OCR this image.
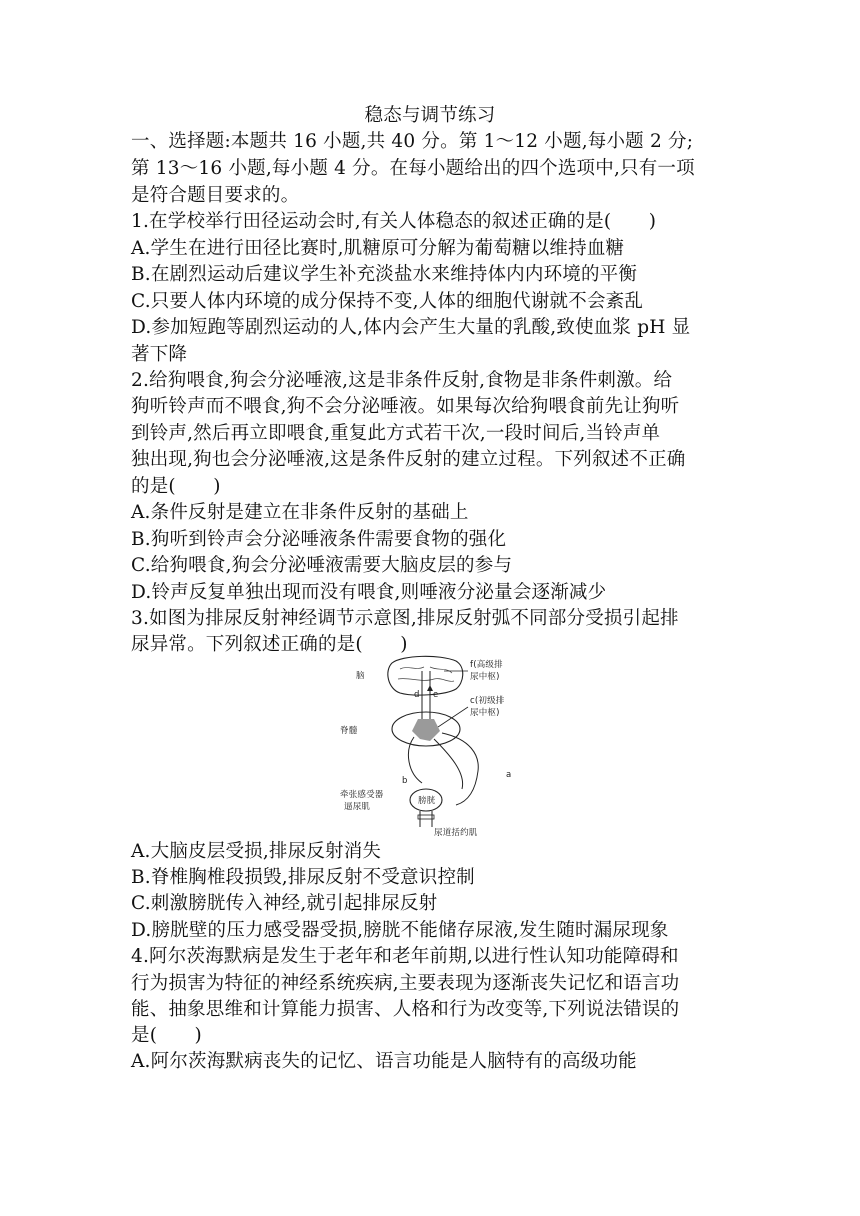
稳态与调节练习
一、选择题:本题共 16 小题,共 40 分。第 1～12 小题,每小题 2 分;
第 13～16 小题,每小题 4 分。在每小题给出的四个选项中,只有一项
是符合题目要求的。
1.在学校举行田径运动会时,有关人体稳态的叙述正确的是(　　)
A.学生在进行田径比赛时,肌糖原可分解为葡萄糖以维持血糖
B.在剧烈运动后建议学生补充淡盐水来维持体内内环境的平衡
C.只要人体内环境的成分保持不变,人体的细胞代谢就不会紊乱
D.参加短跑等剧烈运动的人,体内会产生大量的乳酸,致使血浆 pH 显
著下降
2.给狗喂食,狗会分泌唾液,这是非条件反射,食物是非条件刺激。给
狗听铃声而不喂食,狗不会分泌唾液。如果每次给狗喂食前先让狗听
到铃声,然后再立即喂食,重复此方式若干次,一段时间后,当铃声单
独出现,狗也会分泌唾液,这是条件反射的建立过程。下列叙述不正确
的是(　　)
A.条件反射是建立在非条件反射的基础上
B.狗听到铃声会分泌唾液条件需要食物的强化
C.给狗喂食,狗会分泌唾液需要大脑皮层的参与
D.铃声反复单独出现而没有喂食,则唾液分泌量会逐渐减少
3.如图为排尿反射神经调节示意图,排尿反射弧不同部分受损引起排
尿异常。下列叙述正确的是(　　)
脑
脊髓
f(高级排
尿中枢)
c(初级排
尿中枢)
d e
a
b
牵张感受器
逼尿肌
膀胱
尿道括约肌
A.大脑皮层受损,排尿反射消失
B.脊椎胸椎段损毁,排尿反射不受意识控制
C.刺激膀胱传入神经,就引起排尿反射
D.膀胱壁的压力感受器受损,膀胱不能储存尿液,发生随时漏尿现象
4.阿尔茨海默病是发生于老年和老年前期,以进行性认知功能障碍和
行为损害为特征的神经系统疾病,主要表现为逐渐丧失记忆和语言功
能、抽象思维和计算能力损害、人格和行为改变等,下列说法错误的
是(　　)
A.阿尔茨海默病丧失的记忆、语言功能是人脑特有的高级功能
